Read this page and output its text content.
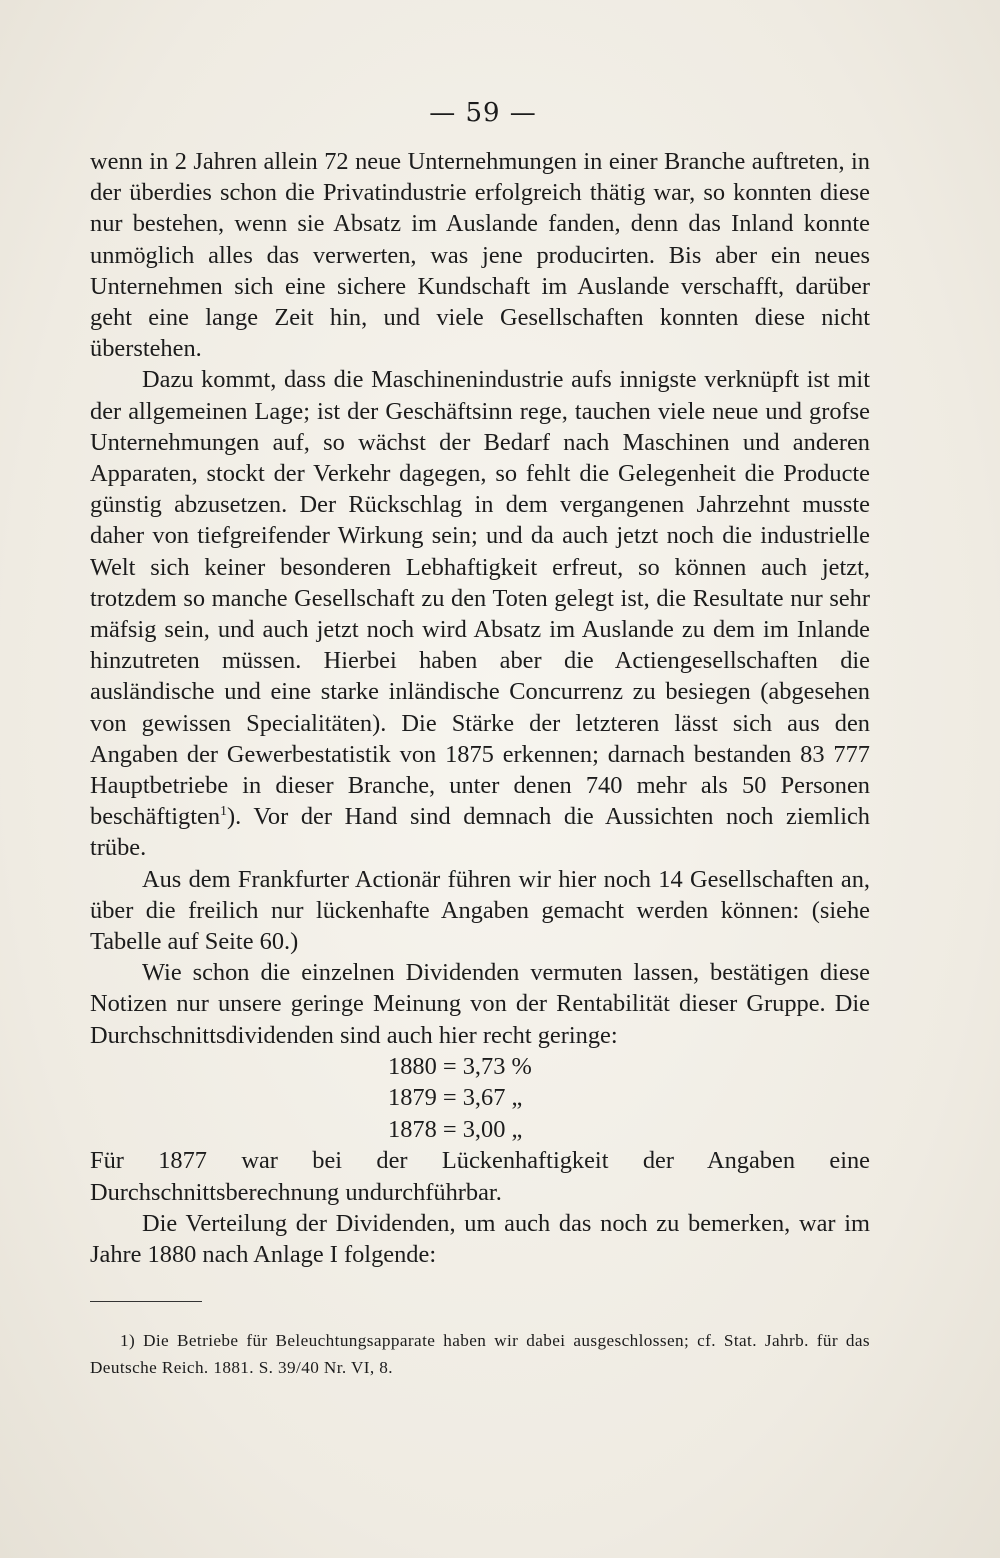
— 59 —

wenn in 2 Jahren allein 72 neue Unternehmungen in einer Branche auftreten, in der überdies schon die Privatindustrie erfolgreich thätig war, so konnten diese nur bestehen, wenn sie Absatz im Auslande fanden, denn das Inland konnte unmöglich alles das verwerten, was jene producirten. Bis aber ein neues Unternehmen sich eine sichere Kundschaft im Auslande verschafft, darüber geht eine lange Zeit hin, und viele Gesellschaften konnten diese nicht überstehen.

Dazu kommt, dass die Maschinenindustrie aufs innigste verknüpft ist mit der allgemeinen Lage; ist der Geschäftsinn rege, tauchen viele neue und grofse Unternehmungen auf, so wächst der Bedarf nach Maschinen und anderen Apparaten, stockt der Verkehr dagegen, so fehlt die Gelegenheit die Producte günstig abzusetzen. Der Rückschlag in dem vergangenen Jahrzehnt musste daher von tiefgreifender Wirkung sein; und da auch jetzt noch die industrielle Welt sich keiner besonderen Lebhaftigkeit erfreut, so können auch jetzt, trotzdem so manche Gesellschaft zu den Toten gelegt ist, die Resultate nur sehr mäfsig sein, und auch jetzt noch wird Absatz im Auslande zu dem im Inlande hinzutreten müssen. Hierbei haben aber die Actiengesellschaften die ausländische und eine starke inländische Concurrenz zu besiegen (abgesehen von gewissen Specialitäten). Die Stärke der letzteren lässt sich aus den Angaben der Gewerbestatistik von 1875 erkennen; darnach bestanden 83 777 Hauptbetriebe in dieser Branche, unter denen 740 mehr als 50 Personen beschäftigten$^1$). Vor der Hand sind demnach die Aussichten noch ziemlich trübe.

Aus dem Frankfurter Actionär führen wir hier noch 14 Gesellschaften an, über die freilich nur lückenhafte Angaben gemacht werden können: (siehe Tabelle auf Seite 60.)

Wie schon die einzelnen Dividenden vermuten lassen, bestätigen diese Notizen nur unsere geringe Meinung von der Rentabilität dieser Gruppe. Die Durchschnittsdividenden sind auch hier recht geringe:

1880 = 3,73 %
1879 = 3,67 „
1878 = 3,00 „

Für 1877 war bei der Lückenhaftigkeit der Angaben eine Durchschnittsberechnung undurchführbar.

Die Verteilung der Dividenden, um auch das noch zu bemerken, war im Jahre 1880 nach Anlage I folgende:

1) Die Betriebe für Beleuchtungsapparate haben wir dabei ausgeschlossen; cf. Stat. Jahrb. für das Deutsche Reich. 1881. S. 39/40 Nr. VI, 8.
